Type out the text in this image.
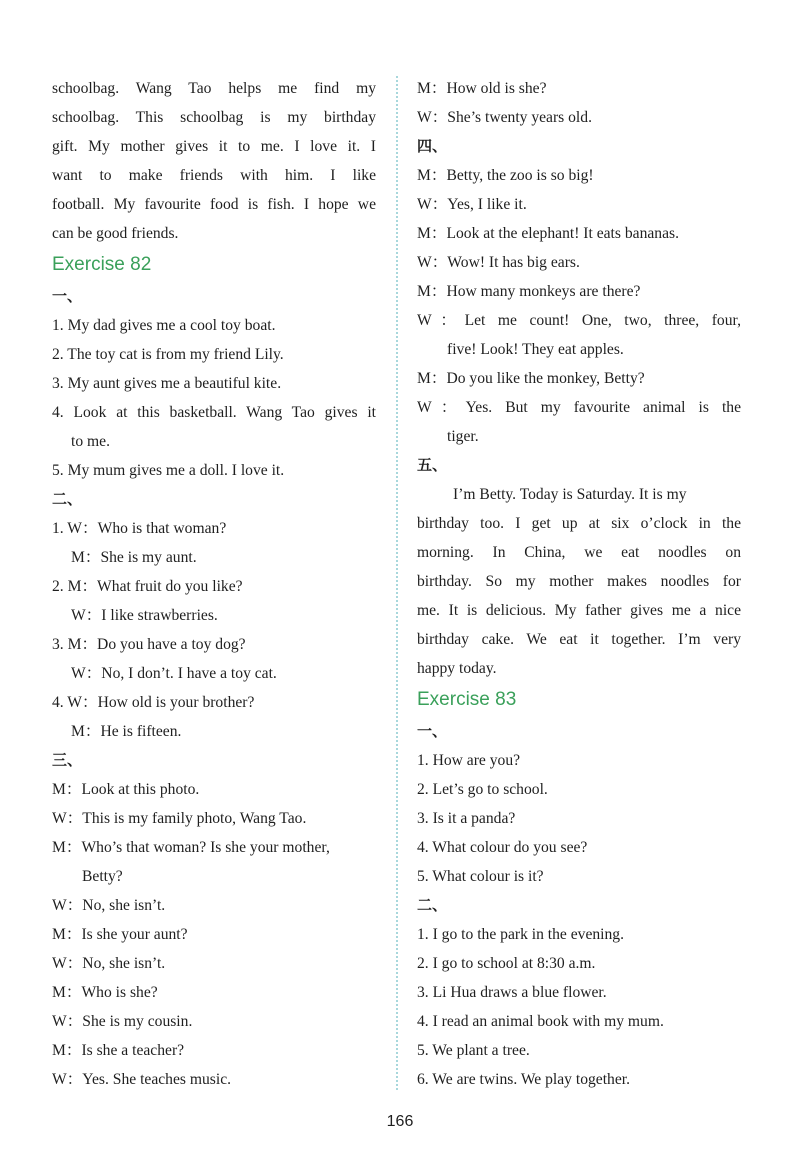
schoolbag. Wang Tao helps me find my
schoolbag. This schoolbag is my birthday
gift. My mother gives it to me. I love it. I
want to make friends with him. I like
football. My favourite food is fish. I hope we
can be good friends.
Exercise 82
一、
1. My dad gives me a cool toy boat.
2. The toy cat is from my friend Lily.
3. My aunt gives me a beautiful kite.
4. Look at this basketball. Wang Tao gives it
to me.
5. My mum gives me a doll. I love it.
二、
1. W：Who is that woman?
M：She is my aunt.
2. M：What fruit do you like?
W：I like strawberries.
3. M：Do you have a toy dog?
W：No, I don’t. I have a toy cat.
4. W：How old is your brother?
M：He is fifteen.
三、
M：Look at this photo.
W：This is my family photo, Wang Tao.
M：Who’s that woman? Is she your mother,
Betty?
W：No, she isn’t.
M：Is she your aunt?
W：No, she isn’t.
M：Who is she?
W：She is my cousin.
M：Is she a teacher?
W：Yes. She teaches music.
M：How old is she?
W：She’s twenty years old.
四、
M：Betty, the zoo is so big!
W：Yes, I like it.
M：Look at the elephant! It eats bananas.
W：Wow! It has big ears.
M：How many monkeys are there?
W：Let me count! One, two, three, four,
five! Look! They eat apples.
M：Do you like the monkey, Betty?
W：Yes. But my favourite animal is the
tiger.
五、
I’m Betty. Today is Saturday. It is my
birthday too. I get up at six o’clock in the
morning. In China, we eat noodles on
birthday. So my mother makes noodles for
me. It is delicious. My father gives me a nice
birthday cake. We eat it together. I’m very
happy today.
Exercise 83
一、
1. How are you?
2. Let’s go to school.
3. Is it a panda?
4. What colour do you see?
5. What colour is it?
二、
1. I go to the park in the evening.
2. I go to school at 8:30 a.m.
3. Li Hua draws a blue flower.
4. I read an animal book with my mum.
5. We plant a tree.
6. We are twins. We play together.
166
